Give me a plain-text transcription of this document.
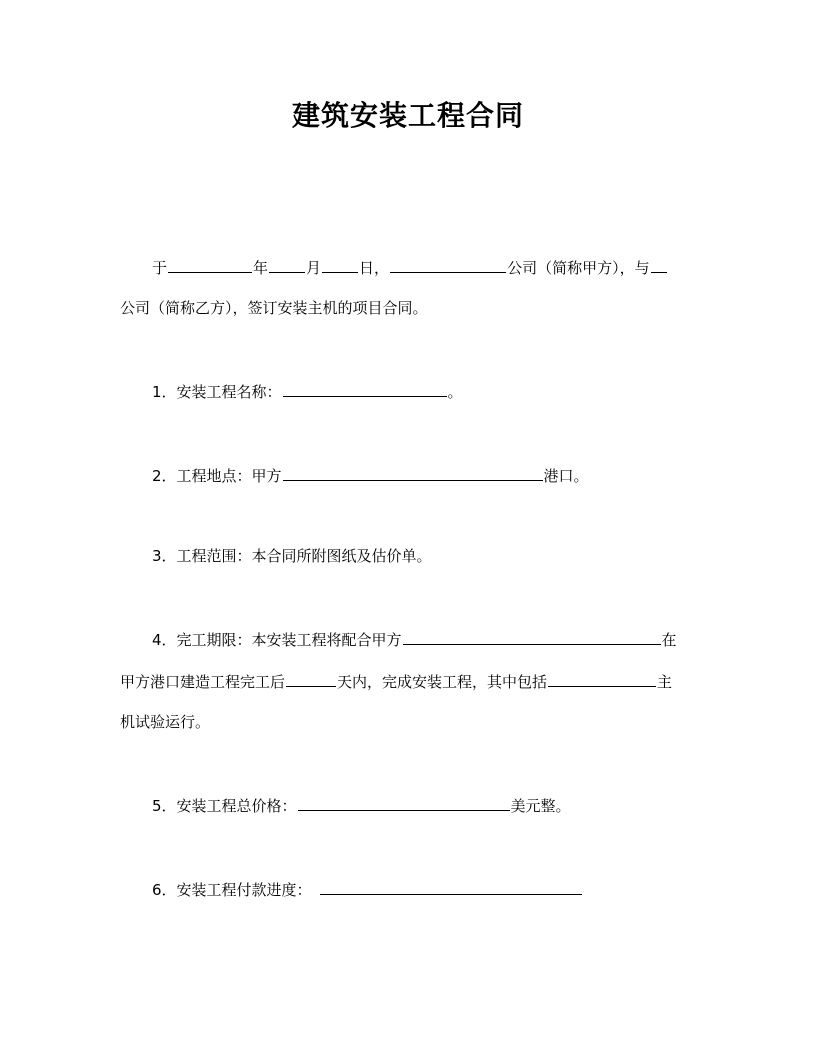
建筑安装工程合同
于	年	月	日，	公司（简称甲方），与
公司（简称乙方），签订安装主机的项目合同。
1．安装工程名称：	。
2．工程地点：甲方	港口。
3．工程范围：本合同所附图纸及估价单。
4．完工期限：本安装工程将配合甲方	在
甲方港口建造工程完工后	天内，完成安装工程，其中包括	主
机试验运行。
5．安装工程总价格：	美元整。
6．安装工程付款进度：
